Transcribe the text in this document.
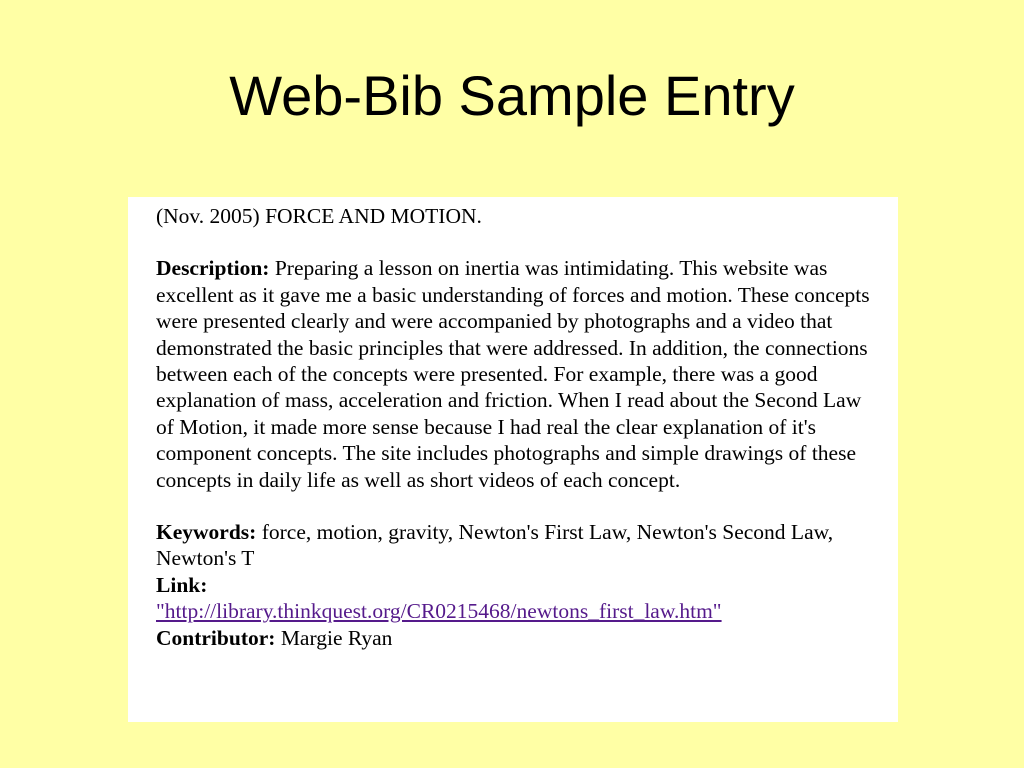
Web-Bib Sample Entry
(Nov. 2005) FORCE AND MOTION.
Description: Preparing a lesson on inertia was intimidating. This website was excellent as it gave me a basic understanding of forces and motion. These concepts were presented clearly and were accompanied by photographs and a video that demonstrated the basic principles that were addressed. In addition, the connections between each of the concepts were presented. For example, there was a good explanation of mass, acceleration and friction. When I read about the Second Law of Motion, it made more sense because I had real the clear explanation of it's component concepts. The site includes photographs and simple drawings of these concepts in daily life as well as short videos of each concept.
Keywords: force, motion, gravity, Newton's First Law, Newton's Second Law, Newton's T
Link:
"http://library.thinkquest.org/CR0215468/newtons_first_law.htm"
Contributor: Margie Ryan
